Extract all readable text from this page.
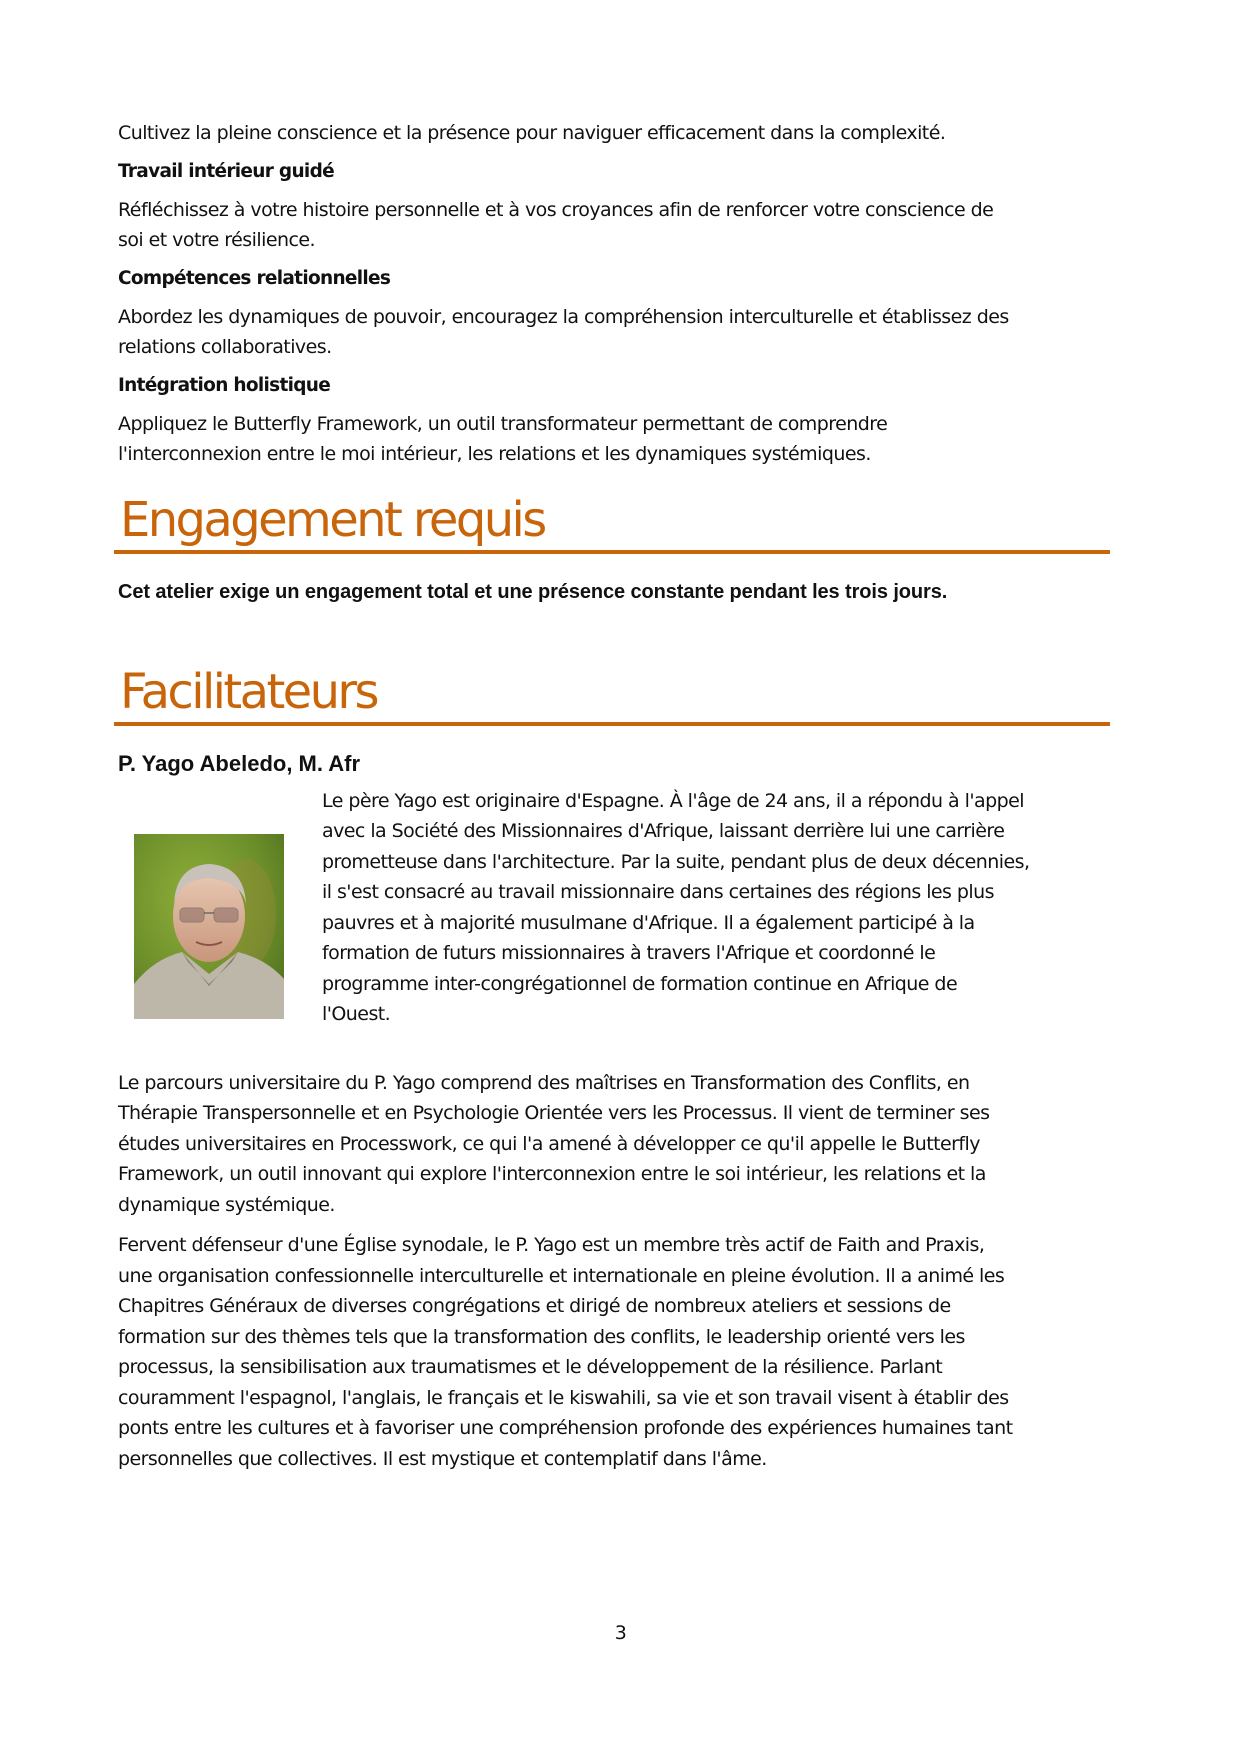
Cultivez la pleine conscience et la présence pour naviguer efficacement dans la complexité.

Travail intérieur guidé

Réfléchissez à votre histoire personnelle et à vos croyances afin de renforcer votre conscience de

soi et votre résilience.

Compétences relationnelles

Abordez les dynamiques de pouvoir, encouragez la compréhension interculturelle et établissez des

relations collaboratives.

Intégration holistique

Appliquez le Butterfly Framework, un outil transformateur permettant de comprendre

l'interconnexion entre le moi intérieur, les relations et les dynamiques systémiques.

Engagement requis

Cet atelier exige un engagement total et une présence constante pendant les trois jours.

Facilitateurs

P. Yago Abeledo, M. Afr

Le père Yago est originaire d'Espagne. À l'âge de 24 ans, il a répondu à l'appel

avec la Société des Missionnaires d'Afrique, laissant derrière lui une carrière

prometteuse dans l'architecture. Par la suite, pendant plus de deux décennies,

il s'est consacré au travail missionnaire dans certaines des régions les plus

pauvres et à majorité musulmane d'Afrique. Il a également participé à la

formation de futurs missionnaires à travers l'Afrique et coordonné le

programme inter-congrégationnel de formation continue en Afrique de

l'Ouest.

Le parcours universitaire du P. Yago comprend des maîtrises en Transformation des Conflits, en

Thérapie Transpersonnelle et en Psychologie Orientée vers les Processus. Il vient de terminer ses

études universitaires en Processwork, ce qui l'a amené à développer ce qu'il appelle le Butterfly

Framework, un outil innovant qui explore l'interconnexion entre le soi intérieur, les relations et la

dynamique systémique.

Fervent défenseur d'une Église synodale, le P. Yago est un membre très actif de Faith and Praxis,

une organisation confessionnelle interculturelle et internationale en pleine évolution. Il a animé les

Chapitres Généraux de diverses congrégations et dirigé de nombreux ateliers et sessions de

formation sur des thèmes tels que la transformation des conflits, le leadership orienté vers les

processus, la sensibilisation aux traumatismes et le développement de la résilience. Parlant

couramment l'espagnol, l'anglais, le français et le kiswahili, sa vie et son travail visent à établir des

ponts entre les cultures et à favoriser une compréhension profonde des expériences humaines tant

personnelles que collectives. Il est mystique et contemplatif dans l'âme.

3
